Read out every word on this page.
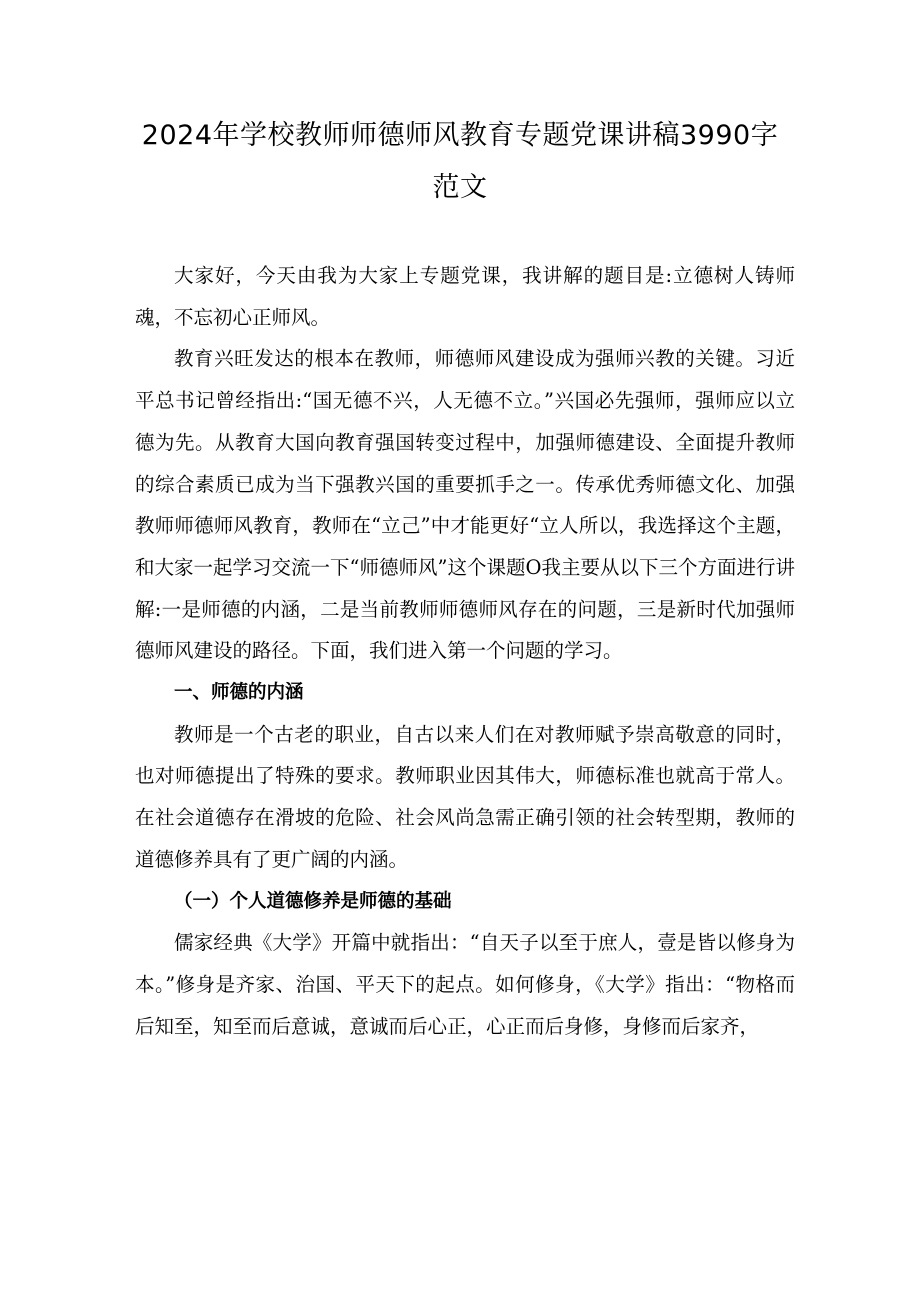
2024年学校教师师德师风教育专题党课讲稿3990字
范文

大家好，今天由我为大家上专题党课，我讲解的题目是:立德树人铸师魂，不忘初心正师风。

教育兴旺发达的根本在教师，师德师风建设成为强师兴教的关键。习近平总书记曾经指出:“国无德不兴，人无德不立。”兴国必先强师，强师应以立德为先。从教育大国向教育强国转变过程中，加强师德建设、全面提升教师的综合素质已成为当下强教兴国的重要抓手之一。传承优秀师德文化、加强教师师德师风教育，教师在“立己”中才能更好“立人所以，我选择这个主题，和大家一起学习交流一下“师德师风”这个课题O我主要从以下三个方面进行讲解:一是师德的内涵，二是当前教师师德师风存在的问题，三是新时代加强师德师风建设的路径。下面，我们进入第一个问题的学习。

一、师德的内涵

教师是一个古老的职业，自古以来人们在对教师赋予崇高敬意的同时，也对师德提出了特殊的要求。教师职业因其伟大，师德标准也就高于常人。在社会道德存在滑坡的危险、社会风尚急需正确引领的社会转型期，教师的道德修养具有了更广阔的内涵。

（一）个人道德修养是师德的基础

儒家经典《大学》开篇中就指出：“自天子以至于庶人，壹是皆以修身为本。”修身是齐家、治国、平天下的起点。如何修身，《大学》指出：“物格而后知至，知至而后意诚，意诚而后心正，心正而后身修，身修而后家齐，
